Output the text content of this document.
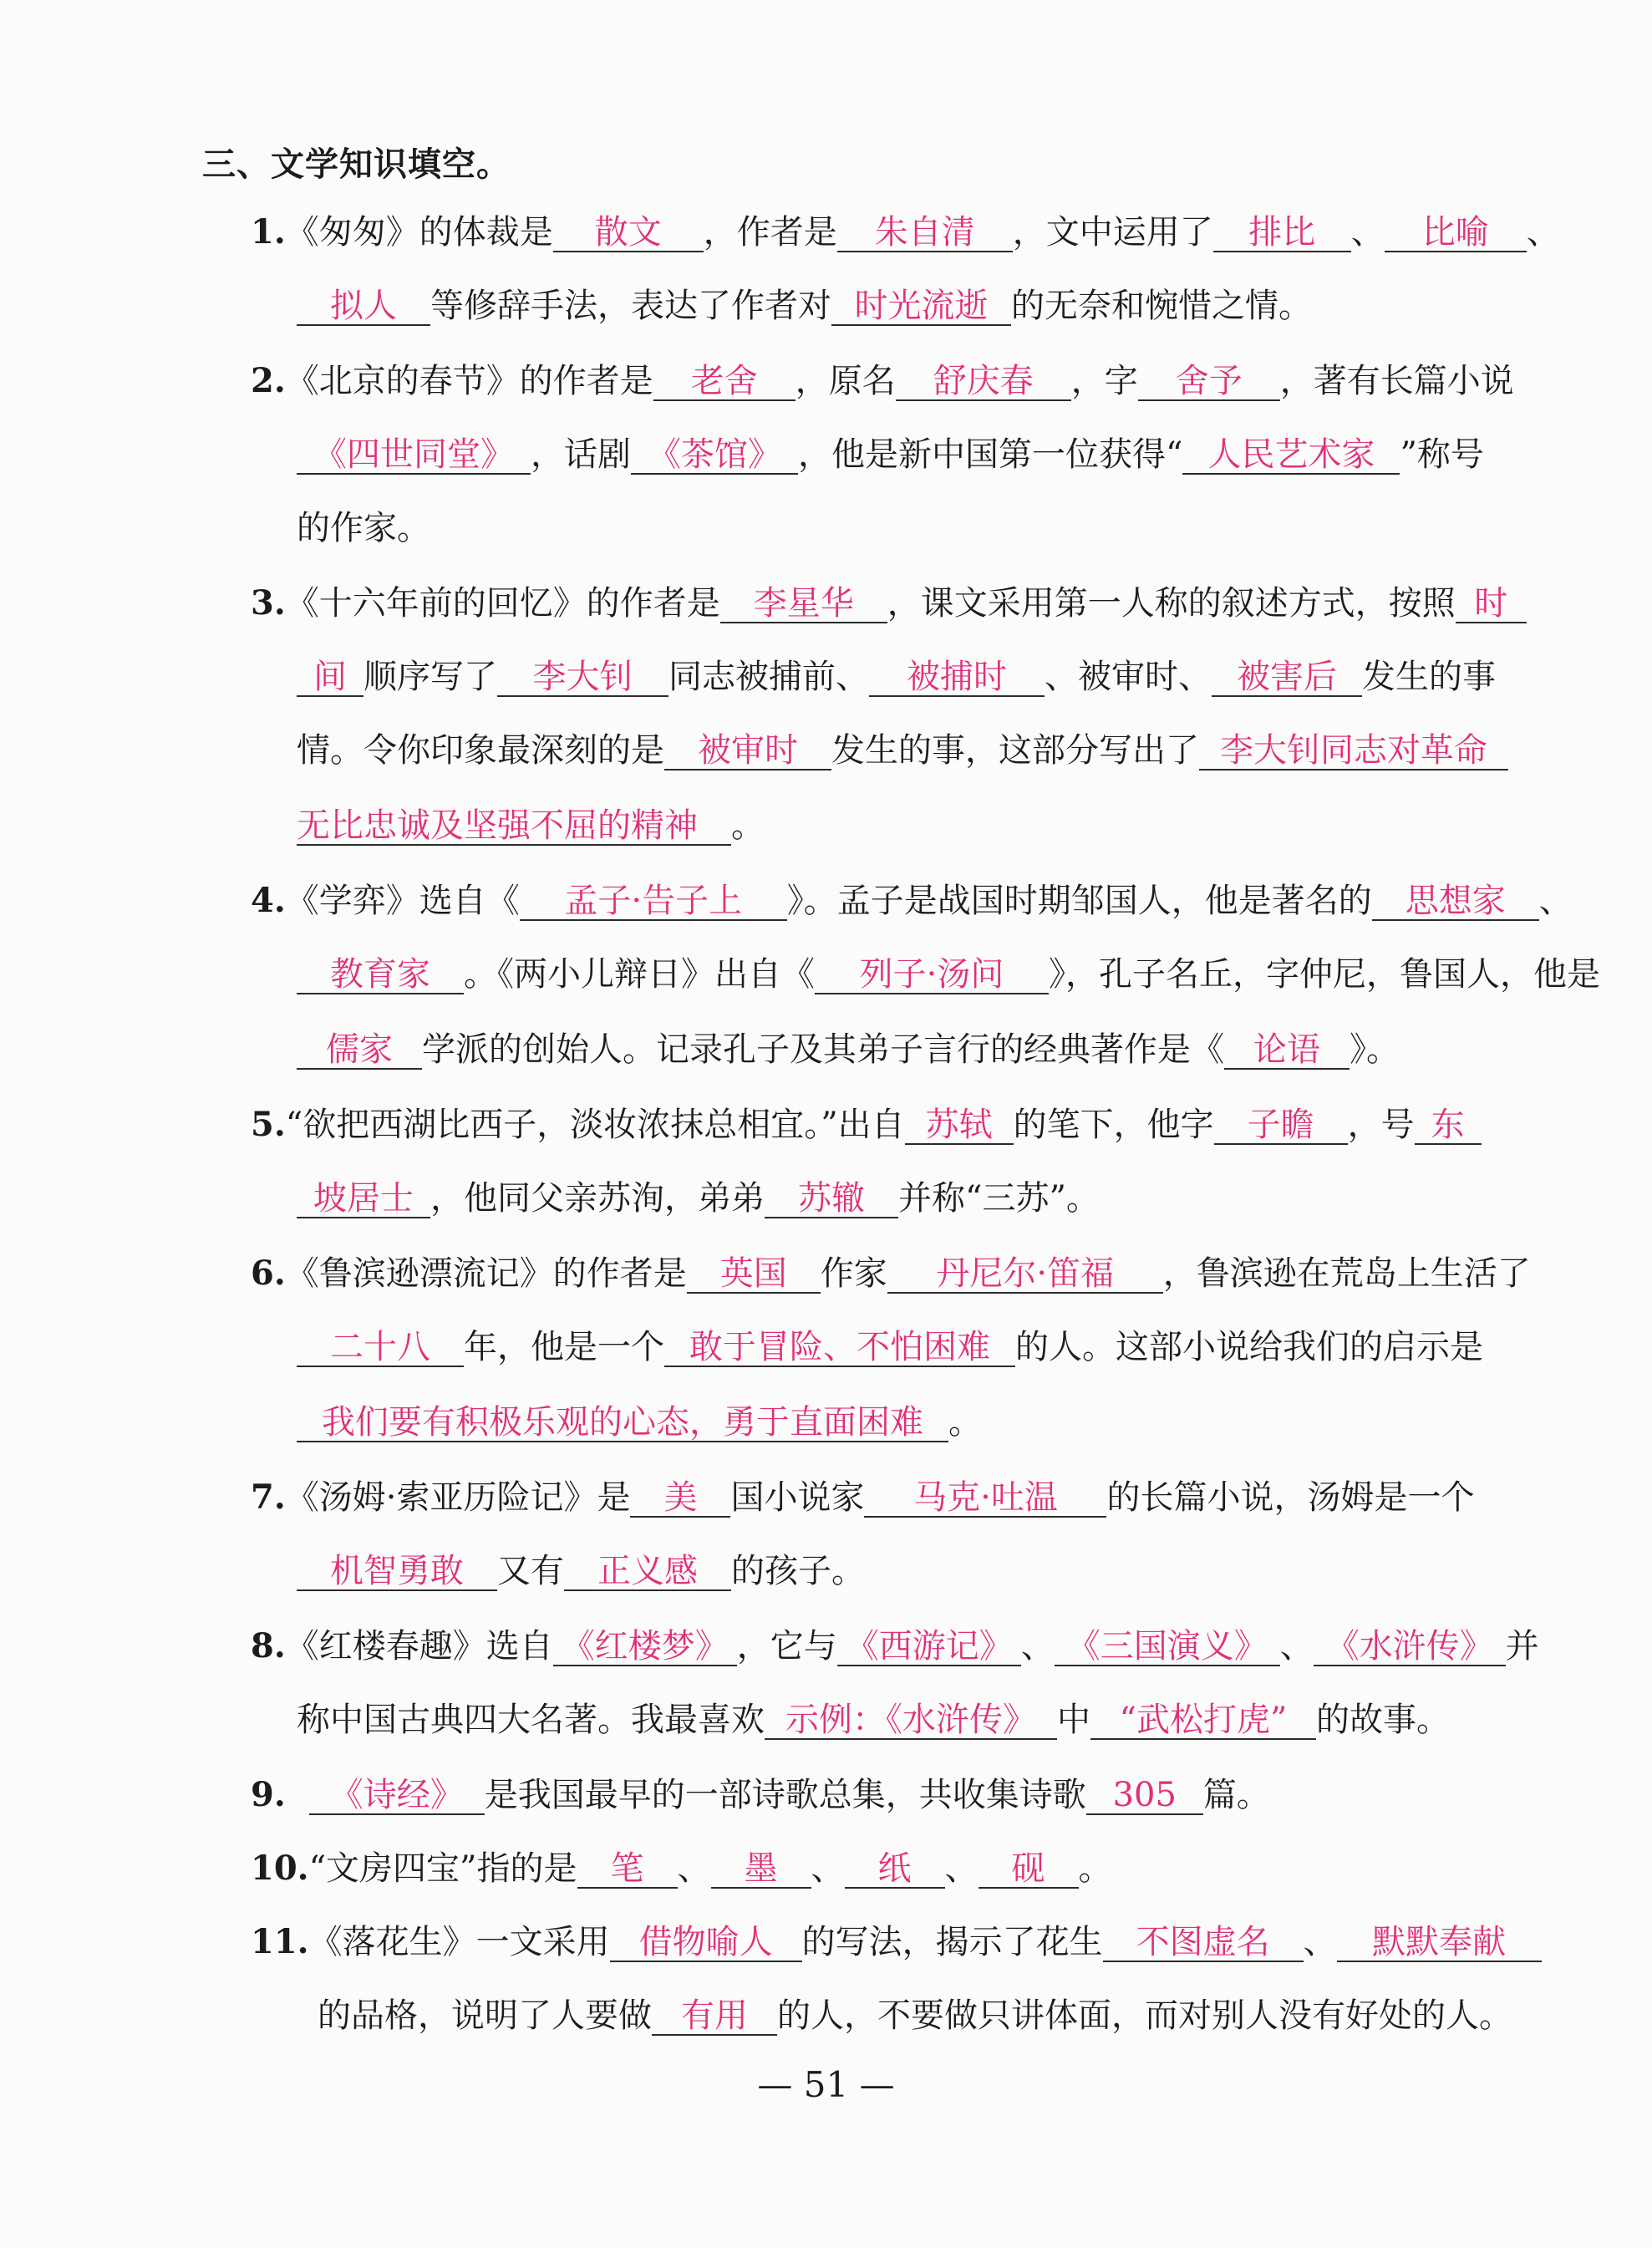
三、文学知识填空。
1.《匆匆》的体裁是 散文 ，作者是 朱自清 ，文中运用了 排比 、 比喻 、
拟人 等修辞手法，表达了作者对 时光流逝 的无奈和惋惜之情。
2.《北京的春节》的作者是 老舍 ，原名 舒庆春 ，字 舍予 ，著有长篇小说
《四世同堂》 ，话剧 《茶馆》 ，他是新中国第一位获得“ 人民艺术家 ”称号
的作家。
3.《十六年前的回忆》的作者是 李星华 ，课文采用第一人称的叙述方式，按照 时
间 顺序写了 李大钊 同志被捕前、 被捕时 、被审时、 被害后 发生的事
情。令你印象最深刻的是 被审时 发生的事，这部分写出了 李大钊同志对革命
无比忠诚及坚强不屈的精神 。
4.《学弈》选自《 孟子·告子上 》。孟子是战国时期邹国人，他是著名的 思想家 、
教育家 。《两小儿辩日》出自《 列子·汤问 》，孔子名丘，字仲尼，鲁国人，他是
儒家 学派的创始人。记录孔子及其弟子言行的经典著作是《 论语 》。
5.“欲把西湖比西子，淡妆浓抹总相宜。”出自 苏轼 的笔下，他字 子瞻 ，号 东
坡居士 ，他同父亲苏洵，弟弟 苏辙 并称“三苏”。
6.《鲁滨逊漂流记》的作者是 英国 作家 丹尼尔·笛福 ，鲁滨逊在荒岛上生活了
二十八 年，他是一个 敢于冒险、不怕困难 的人。这部小说给我们的启示是
我们要有积极乐观的心态，勇于直面困难 。
7.《汤姆·索亚历险记》是 美 国小说家 马克·吐温 的长篇小说，汤姆是一个
机智勇敢 又有 正义感 的孩子。
8.《红楼春趣》选自 《红楼梦》 ，它与 《西游记》 、 《三国演义》 、 《水浒传》 并
称中国古典四大名著。我最喜欢 示例：《水浒传》 中 “武松打虎” 的故事。
9. 《诗经》 是我国最早的一部诗歌总集，共收集诗歌 305 篇。
10.“文房四宝”指的是 笔 、 墨 、 纸 、 砚 。
11.《落花生》一文采用 借物喻人 的写法，揭示了花生 不图虚名 、 默默奉献
的品格，说明了人要做 有用 的人，不要做只讲体面，而对别人没有好处的人。
— 51 —
